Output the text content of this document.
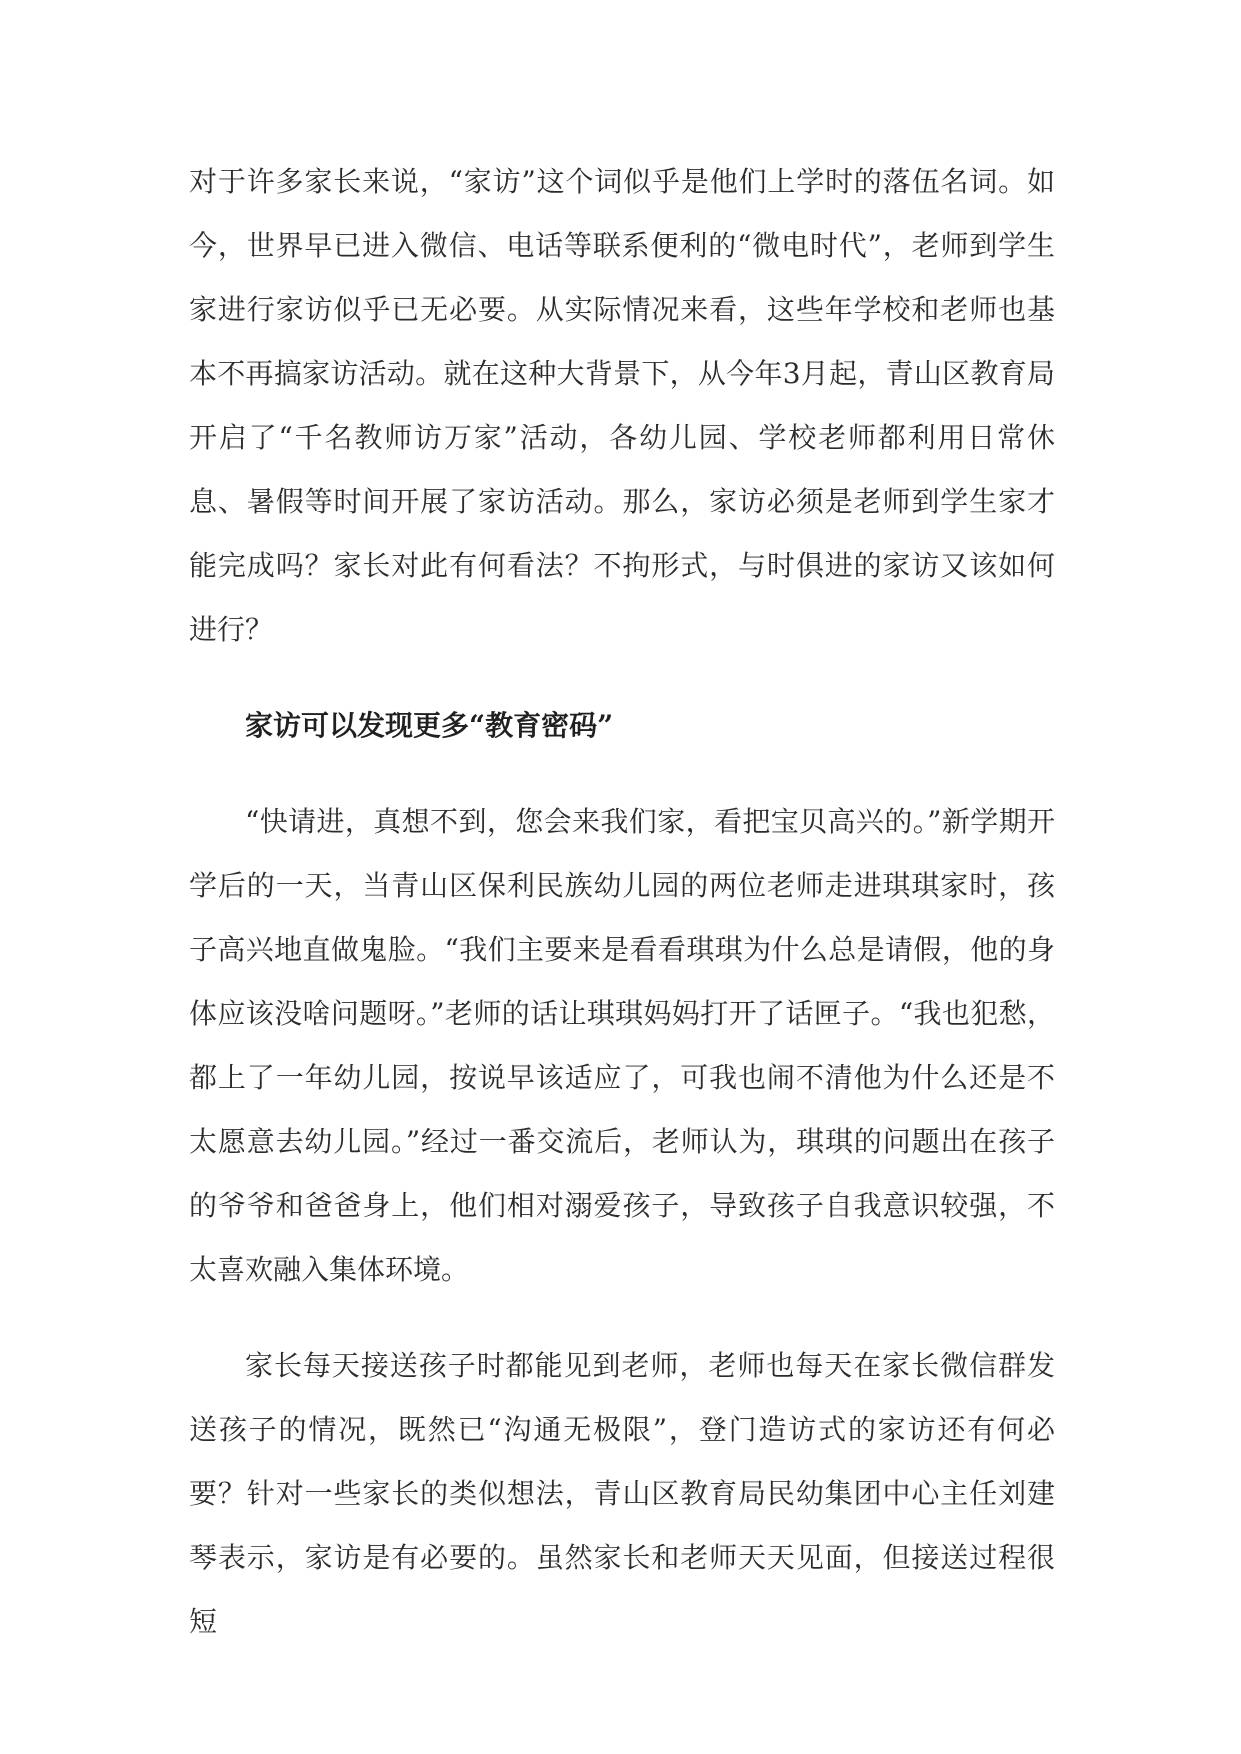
对于许多家长来说，“家访”这个词似乎是他们上学时的落伍名词。如今，世界早已进入微信、电话等联系便利的“微电时代”，老师到学生家进行家访似乎已无必要。从实际情况来看，这些年学校和老师也基本不再搞家访活动。就在这种大背景下，从今年3月起，青山区教育局开启了“千名教师访万家”活动，各幼儿园、学校老师都利用日常休息、暑假等时间开展了家访活动。那么，家访必须是老师到学生家才能完成吗？家长对此有何看法？不拘形式，与时俱进的家访又该如何进行？

家访可以发现更多“教育密码”

“快请进，真想不到，您会来我们家，看把宝贝高兴的。”新学期开学后的一天，当青山区保利民族幼儿园的两位老师走进琪琪家时，孩子高兴地直做鬼脸。“我们主要来是看看琪琪为什么总是请假，他的身体应该没啥问题呀。”老师的话让琪琪妈妈打开了话匣子。“我也犯愁，都上了一年幼儿园，按说早该适应了，可我也闹不清他为什么还是不太愿意去幼儿园。”经过一番交流后，老师认为，琪琪的问题出在孩子的爷爷和爸爸身上，他们相对溺爱孩子，导致孩子自我意识较强，不太喜欢融入集体环境。

家长每天接送孩子时都能见到老师，老师也每天在家长微信群发送孩子的情况，既然已“沟通无极限”，登门造访式的家访还有何必要？针对一些家长的类似想法，青山区教育局民幼集团中心主任刘建琴表示，家访是有必要的。虽然家长和老师天天见面，但接送过程很短
